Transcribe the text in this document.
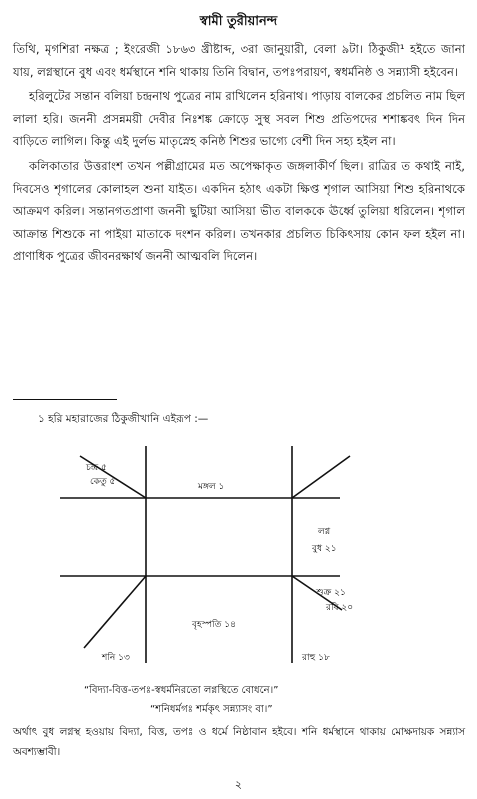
স্বামী তুরীয়ানন্দ

তিথি, মৃগশিরা নক্ষত্র ; ইংরেজী ১৮৬৩ খ্রীষ্টাব্দ, ৩রা জানুয়ারী, বেলা ৯টা। ঠিকুজী¹ হইতে জানা যায়, লগ্নস্থানে বুধ এবং ধর্মস্থানে শনি থাকায় তিনি বিদ্বান, তপঃপরায়ণ, স্বধর্মনিষ্ঠ ও সন্ন্যাসী হইবেন।

হরিলুটের সন্তান বলিয়া চন্দ্রনাথ পুত্রের নাম রাখিলেন হরিনাথ। পাড়ায় বালকের প্রচলিত নাম ছিল লালা হরি। জননী প্রসন্নময়ী দেবীর নিঃশঙ্ক ক্রোড়ে সুস্থ সবল শিশু প্রতিপদের শশাঙ্কবৎ দিন দিন বাড়িতে লাগিল। কিন্তু এই দুর্লভ মাতৃস্নেহ কনিষ্ঠ শিশুর ভাগ্যে বেশী দিন সহ্য হইল না।

কলিকাতার উত্তরাংশ তখন পল্লীগ্রামের মত অপেক্ষাকৃত জঙ্গলাকীর্ণ ছিল। রাত্রির ত কথাই নাই, দিবসেও শৃগালের কোলাহল শুনা যাইত। একদিন হঠাৎ একটা ক্ষিপ্ত শৃগাল আসিয়া শিশু হরিনাথকে আক্রমণ করিল। সন্তানগতপ্রাণা জননী ছুটিয়া আসিয়া ভীত বালককে ঊর্ধ্বে তুলিয়া ধরিলেন। শৃগাল আক্রান্ত শিশুকে না পাইয়া মাতাকে দংশন করিল। তখনকার প্রচলিত চিকিৎসায় কোন ফল হইল না। প্রাণাধিক পুত্রের জীবনরক্ষার্থ জননী আত্মবলি দিলেন।

১ হরি মহারাজের ঠিকুজীখানি এইরূপ :—
চন্দ্র ৫
কেতু ৫	মঙ্গল ১
লগ্ন
বুধ ২১
শুক্র ২১
রবি ২০
বৃহস্পতি ১৪
শনি ১৩	রাহু ১৮
“বিদ্যা-বিত্ত-তপঃ-স্বধর্মনিরতো লগ্নস্থিতে বোধনে।”
“শনিধর্মগঃ শর্মকৃৎ সন্ন্যাসং বা।”
অর্থাৎ বুধ লগ্নস্থ হওয়ায় বিদ্যা, বিত্ত, তপঃ ও ধর্মে নিষ্ঠাবান হইবে। শনি ধর্মস্থানে থাকায় মোক্ষদায়ক সন্ন্যাস অবশ্যম্ভাবী।
২
